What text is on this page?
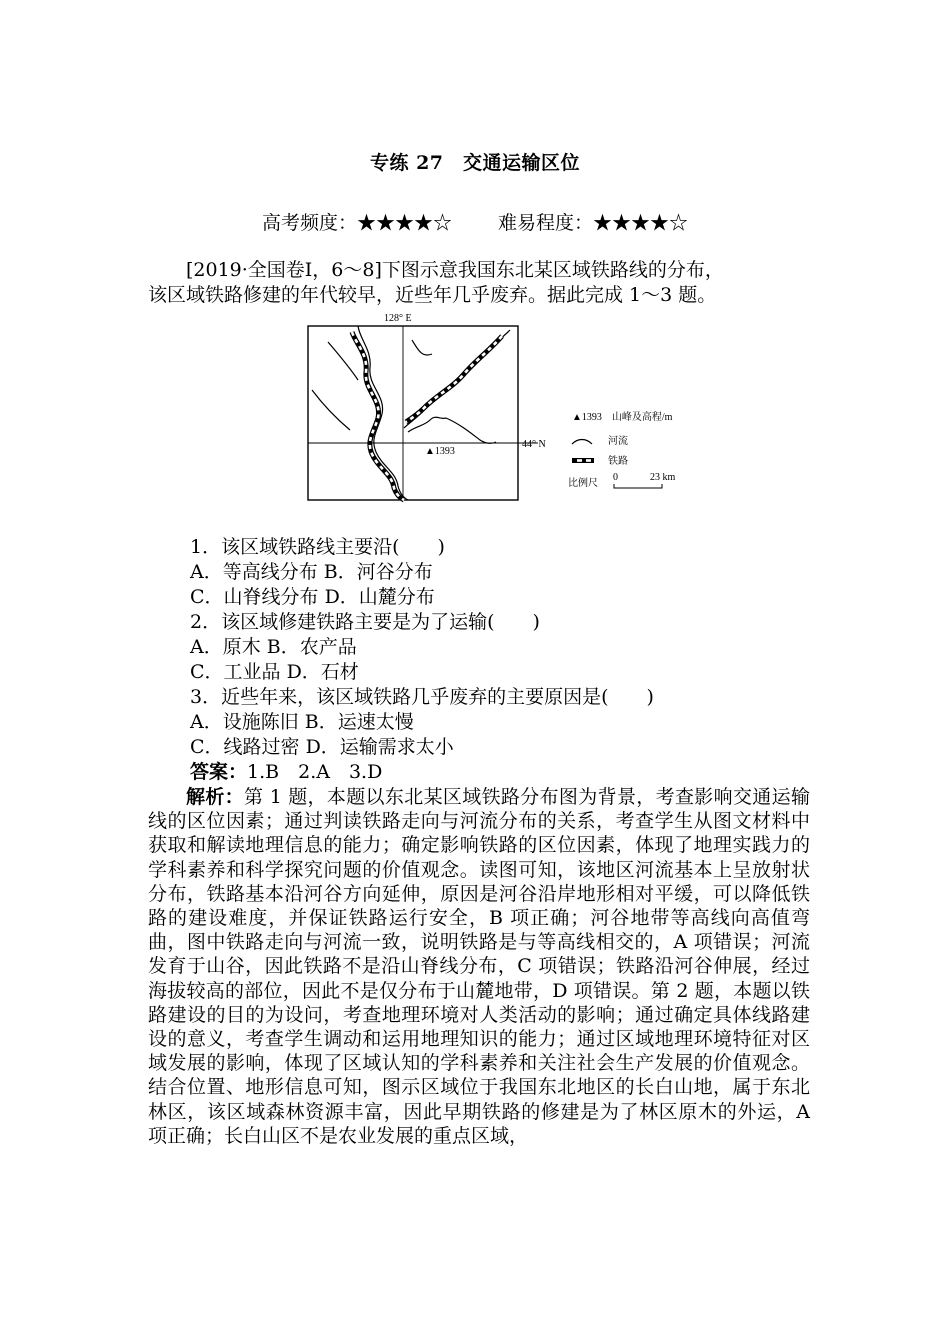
专练 27　交通运输区位
高考频度：★★★★☆ 难易程度：★★★★☆

[2019·全国卷Ⅰ，6～8]下图示意我国东北某区域铁路线的分布，

该区域铁路修建的年代较早，近些年几乎废弃。据此完成 1～3 题。

128° E
44° N
▲1393
▲1393　山峰及高程/m
河流
铁路
比例尺
0	23 km
1．该区域铁路线主要沿(　　)
A．等高线分布 B．河谷分布
C．山脊线分布 D．山麓分布
2．该区域修建铁路主要是为了运输(　　)
A．原木 B．农产品
C．工业品 D．石材
3．近些年来，该区域铁路几乎废弃的主要原因是(　　)
A．设施陈旧 B．运速太慢
C．线路过密 D．运输需求太小
答案：1.B　2.A　3.D

解析：第 1 题，本题以东北某区域铁路分布图为背景，考查影响交通运输线的区位因素；通过判读铁路走向与河流分布的关系，考查学生从图文材料中获取和解读地理信息的能力；确定影响铁路的区位因素，体现了地理实践力的学科素养和科学探究问题的价值观念。读图可知，该地区河流基本上呈放射状分布，铁路基本沿河谷方向延伸，原因是河谷沿岸地形相对平缓，可以降低铁路的建设难度，并保证铁路运行安全，B 项正确；河谷地带等高线向高值弯曲，图中铁路走向与河流一致，说明铁路是与等高线相交的，A 项错误；河流发育于山谷，因此铁路不是沿山脊线分布，C 项错误；铁路沿河谷伸展，经过海拔较高的部位，因此不是仅分布于山麓地带，D 项错误。第 2 题，本题以铁路建设的目的为设问，考查地理环境对人类活动的影响；通过确定具体线路建设的意义，考查学生调动和运用地理知识的能力；通过区域地理环境特征对区域发展的影响，体现了区域认知的学科素养和关注社会生产发展的价值观念。结合位置、地形信息可知，图示区域位于我国东北地区的长白山地，属于东北林区，该区域森林资源丰富，因此早期铁路的修建是为了林区原木的外运，A 项正确；长白山区不是农业发展的重点区域，
